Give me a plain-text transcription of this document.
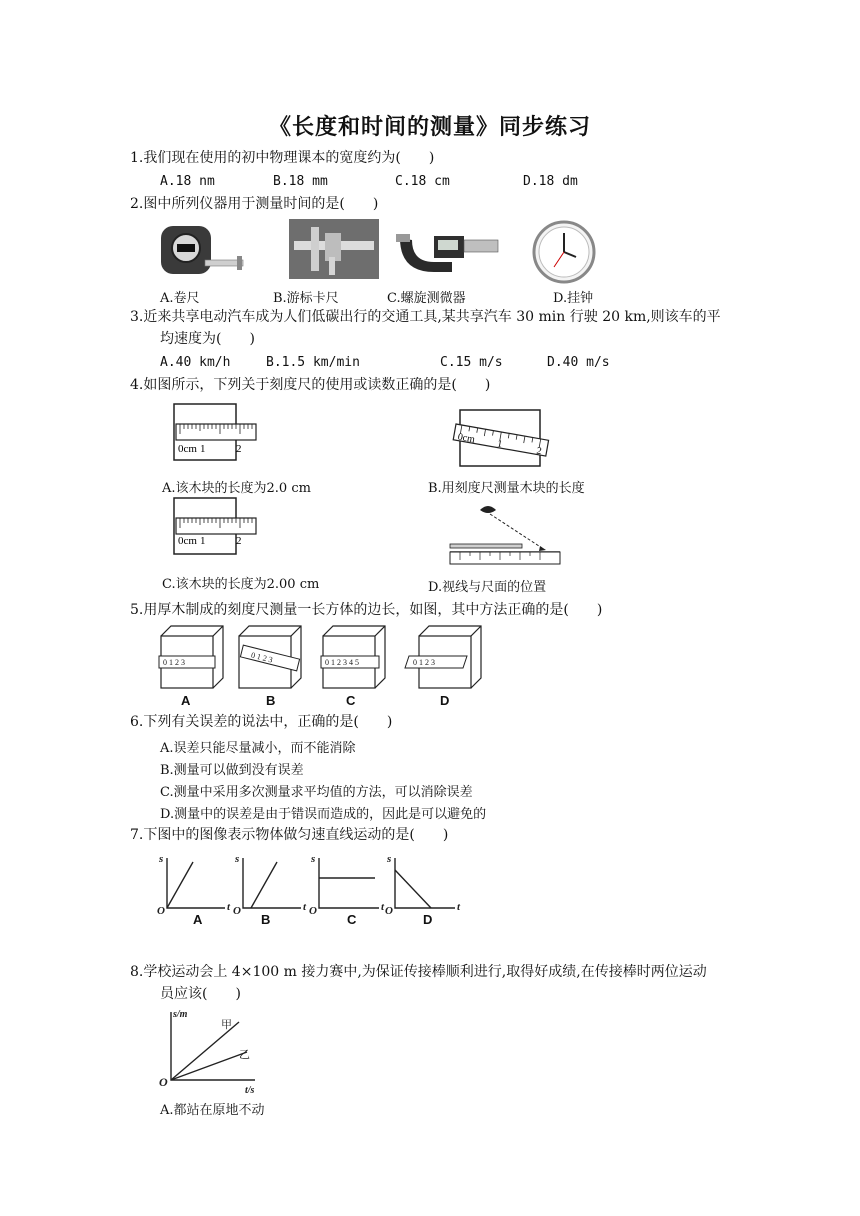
《长度和时间的测量》同步练习
1.我们现在使用的初中物理课本的宽度约为(　　)
A.18 nm	B.18 mm	C.18 cm	D.18 dm
2.图中所列仪器用于测量时间的是(　　)
A.卷尺	B.游标卡尺	C.螺旋测微器	D.挂钟
3.近来共享电动汽车成为人们低碳出行的交通工具,某共享汽车 30 min 行驶 20 km,则该车的平
均速度为(　　)
A.40 km/h	B.1.5 km/min	C.15 m/s	D.40 m/s
4.如图所示，下列关于刻度尺的使用或读数正确的是(　　)
0cm 1	2
0cm 1
2
0cm 1	2
A.该木块的长度为2.0 cm	B.用刻度尺测量木块的长度
C.该木块的长度为2.00 cm	D.视线与尺面的位置
5.用厚木制成的刻度尺测量一长方体的边长，如图，其中方法正确的是(　　)
0 1 2 3	0 1 2 3	0 1 2 3 4 5	0 1 2 3
A	B	C	D
6.下列有关误差的说法中，正确的是(　　)
A.误差只能尽量减小，而不能消除
B.测量可以做到没有误差
C.测量中采用多次测量求平均值的方法，可以消除误差
D.测量中的误差是由于错误而造成的，因此是可以避免的
7.下图中的图像表示物体做匀速直线运动的是(　　)
s
t
O
s
t
O
s
t
O
s
t
O
A	B	C	D
8.学校运动会上 4×100 m 接力赛中,为保证传接棒顺利进行,取得好成绩,在传接棒时两位运动
员应该(　　)
s/m
t/s
O
甲
乙
A.都站在原地不动
